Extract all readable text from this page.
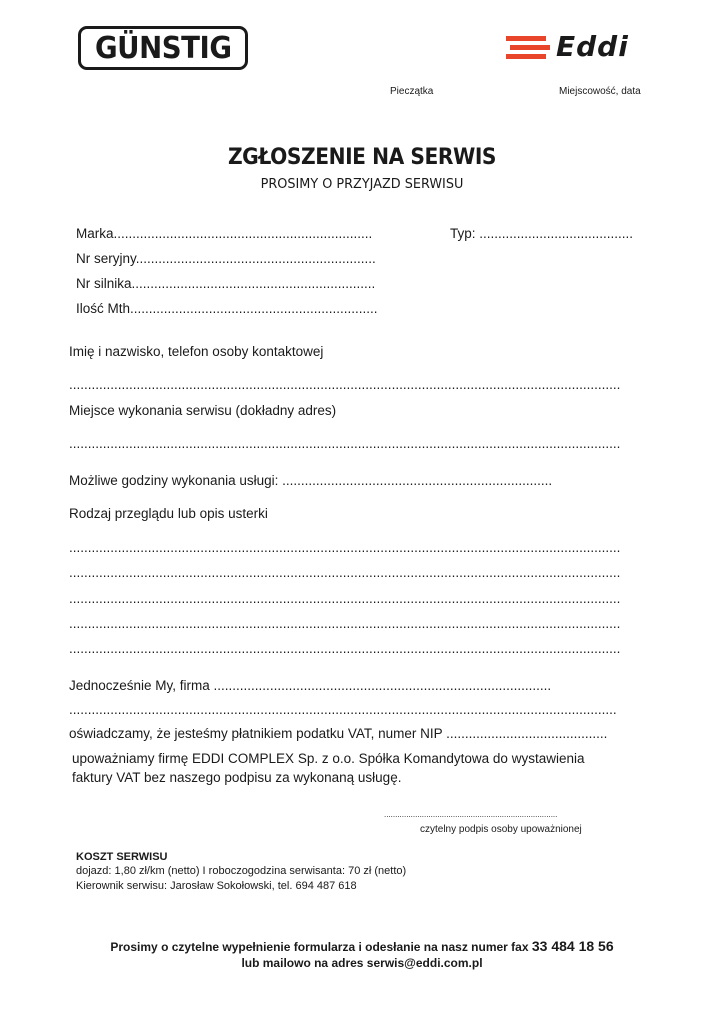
GÜNSTIG	Eddi
Pieczątka	Miejscowość, data
ZGŁOSZENIE NA SERWIS
PROSIMY O PRZYJAZD SERWISU
Marka.....................................................................	Typ: .........................................
Nr seryjny................................................................
Nr silnika.................................................................
Ilość Mth..................................................................
Imię i nazwisko, telefon osoby kontaktowej
...................................................................................................................................................
Miejsce wykonania serwisu (dokładny adres)
...................................................................................................................................................
Możliwe godziny wykonania usługi: ........................................................................
Rodzaj przeglądu lub opis usterki
...................................................................................................................................................
...................................................................................................................................................
...................................................................................................................................................
...................................................................................................................................................
...................................................................................................................................................
Jednocześnie My, firma ..........................................................................................
..................................................................................................................................................
oświadczamy, że jesteśmy płatnikiem podatku VAT, numer NIP ...........................................
upoważniamy firmę EDDI COMPLEX Sp. z o.o. Spółka Komandytowa do wystawienia
faktury VAT bez naszego podpisu za wykonaną usługę.
..............................................................................
czytelny podpis osoby upoważnionej
KOSZT SERWISU
dojazd: 1,80 zł/km (netto) I roboczogodzina serwisanta: 70 zł (netto)
Kierownik serwisu: Jarosław Sokołowski, tel. 694 487 618
Prosimy o czytelne wypełnienie formularza i odesłanie na nasz numer fax 33 484 18 56
lub mailowo na adres serwis@eddi.com.pl
